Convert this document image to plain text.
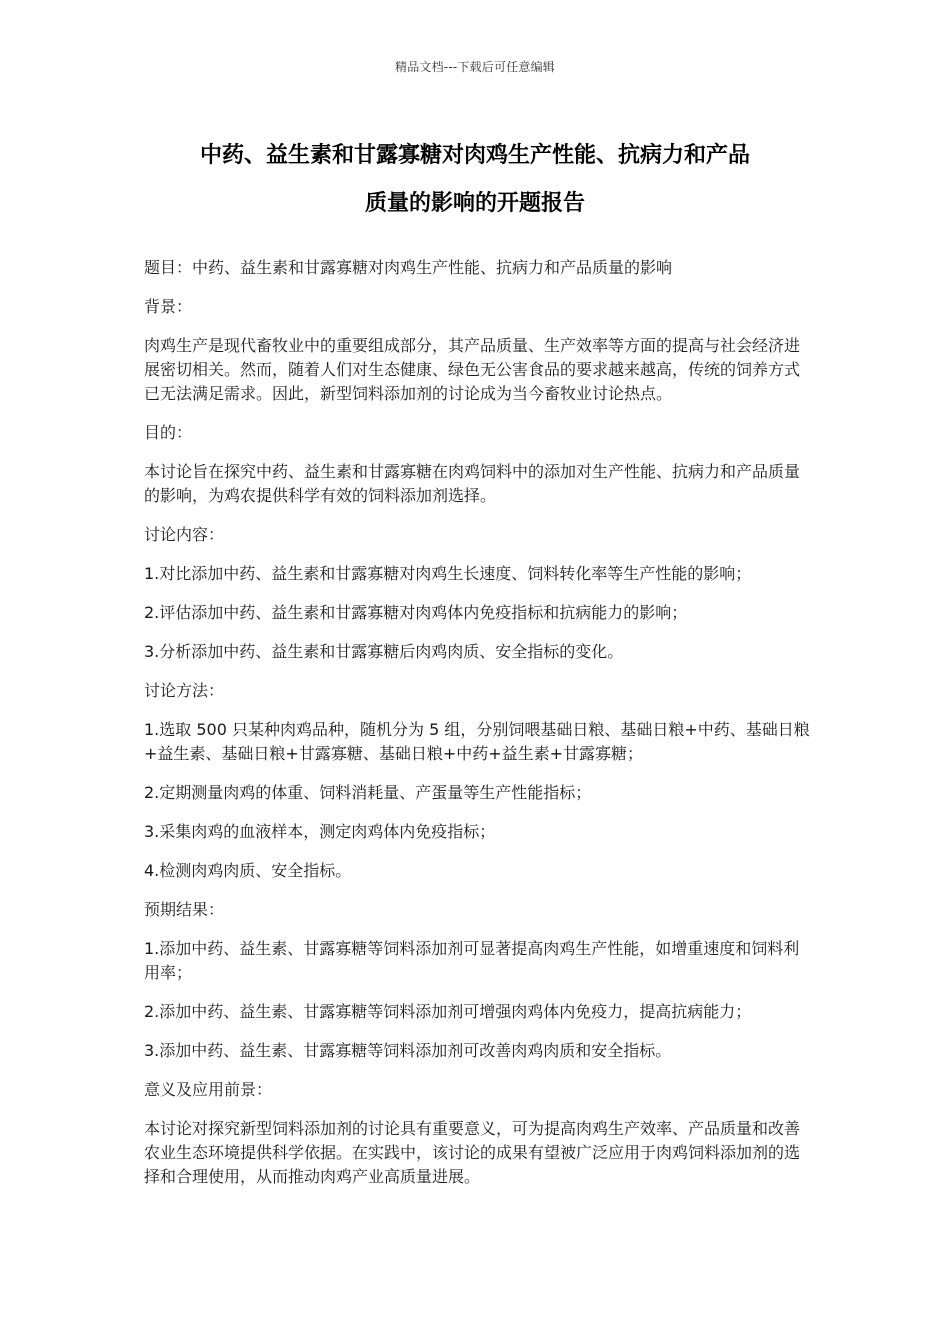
精品文档---下载后可任意编辑
中药、益生素和甘露寡糖对肉鸡生产性能、抗病力和产品
质量的影响的开题报告

题目：中药、益生素和甘露寡糖对肉鸡生产性能、抗病力和产品质量的影响

背景：

肉鸡生产是现代畜牧业中的重要组成部分，其产品质量、生产效率等方面的提高与社会经济进展密切相关。然而，随着人们对生态健康、绿色无公害食品的要求越来越高，传统的饲养方式已无法满足需求。因此，新型饲料添加剂的讨论成为当今畜牧业讨论热点。

目的：

本讨论旨在探究中药、益生素和甘露寡糖在肉鸡饲料中的添加对生产性能、抗病力和产品质量的影响，为鸡农提供科学有效的饲料添加剂选择。

讨论内容：

1.对比添加中药、益生素和甘露寡糖对肉鸡生长速度、饲料转化率等生产性能的影响；

2.评估添加中药、益生素和甘露寡糖对肉鸡体内免疫指标和抗病能力的影响；

3.分析添加中药、益生素和甘露寡糖后肉鸡肉质、安全指标的变化。

讨论方法：

1.选取 500 只某种肉鸡品种，随机分为 5 组，分别饲喂基础日粮、基础日粮+中药、基础日粮+益生素、基础日粮+甘露寡糖、基础日粮+中药+益生素+甘露寡糖；

2.定期测量肉鸡的体重、饲料消耗量、产蛋量等生产性能指标；

3.采集肉鸡的血液样本，测定肉鸡体内免疫指标；

4.检测肉鸡肉质、安全指标。

预期结果：

1.添加中药、益生素、甘露寡糖等饲料添加剂可显著提高肉鸡生产性能，如增重速度和饲料利用率；

2.添加中药、益生素、甘露寡糖等饲料添加剂可增强肉鸡体内免疫力，提高抗病能力；

3.添加中药、益生素、甘露寡糖等饲料添加剂可改善肉鸡肉质和安全指标。

意义及应用前景：

本讨论对探究新型饲料添加剂的讨论具有重要意义，可为提高肉鸡生产效率、产品质量和改善农业生态环境提供科学依据。在实践中，该讨论的成果有望被广泛应用于肉鸡饲料添加剂的选择和合理使用，从而推动肉鸡产业高质量进展。
